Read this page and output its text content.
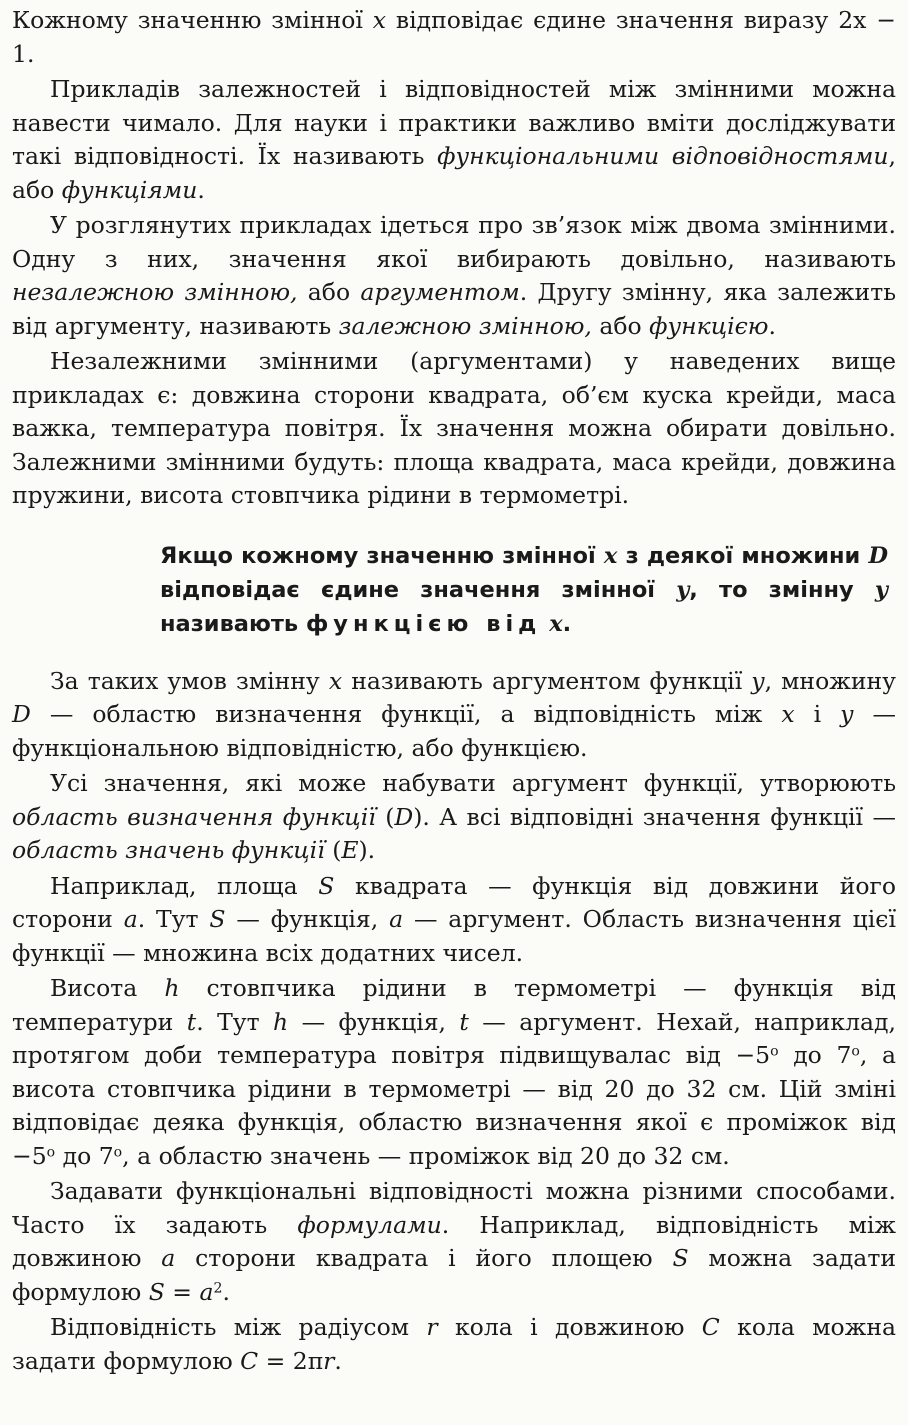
Кожному значенню змінної x відповідає єдине значення виразу 2x − 1.

Прикладів залежностей і відповідностей між змінними можна навести чимало. Для науки і практики важливо вміти досліджувати такі відповідності. Їх називають функціональними відповідностями, або функціями.

У розглянутих прикладах ідеться про зв’язок між двома змінними. Одну з них, значення якої вибирають довільно, називають незалежною змінною, або аргументом. Другу змінну, яка залежить від аргументу, називають залежною змінною, або функцією.

Незалежними змінними (аргументами) у наведених вище прикладах є: довжина сторони квадрата, об’єм куска крейди, маса важка, температура повітря. Їх значення можна обирати довільно. Залежними змінними будуть: площа квадрата, маса крейди, довжина пружини, висота стовпчика рідини в термометрі.

Якщо кожному значенню змінної x з деякої множини D відповідає єдине значення змінної y, то змінну y називають функцією від x.

За таких умов змінну x називають аргументом функції y, множину D — областю визначення функції, а відповідність між x і y — функціональною відповідністю, або функцією.

Усі значення, які може набувати аргумент функції, утворюють область визначення функції (D). А всі відповідні значення функції — область значень функції (E).

Наприклад, площа S квадрата — функція від довжини його сторони a. Тут S — функція, a — аргумент. Область визначення цієї функції — множина всіх додатних чисел.

Висота h стовпчика рідини в термометрі — функція від температури t. Тут h — функція, t — аргумент. Нехай, наприклад, протягом доби температура повітря підвищувалас від $-5^o$ до 7$^o$, а висота стовпчика рідини в термометрі — від 20 до 32 см. Цій зміні відповідає деяка функція, областю визначення якої є проміжок від $-5^o$ до 7$^o$, а областю значень — проміжок від 20 до 32 см.

Задавати функціональні відповідності можна різними способами. Часто їх задають формулами. Наприклад, відповідність між довжиною a сторони квадрата і його площею S можна задати формулою $S = a^2$.

Відповідність між радіусом r кола і довжиною C кола можна задати формулою C = 2πr.
